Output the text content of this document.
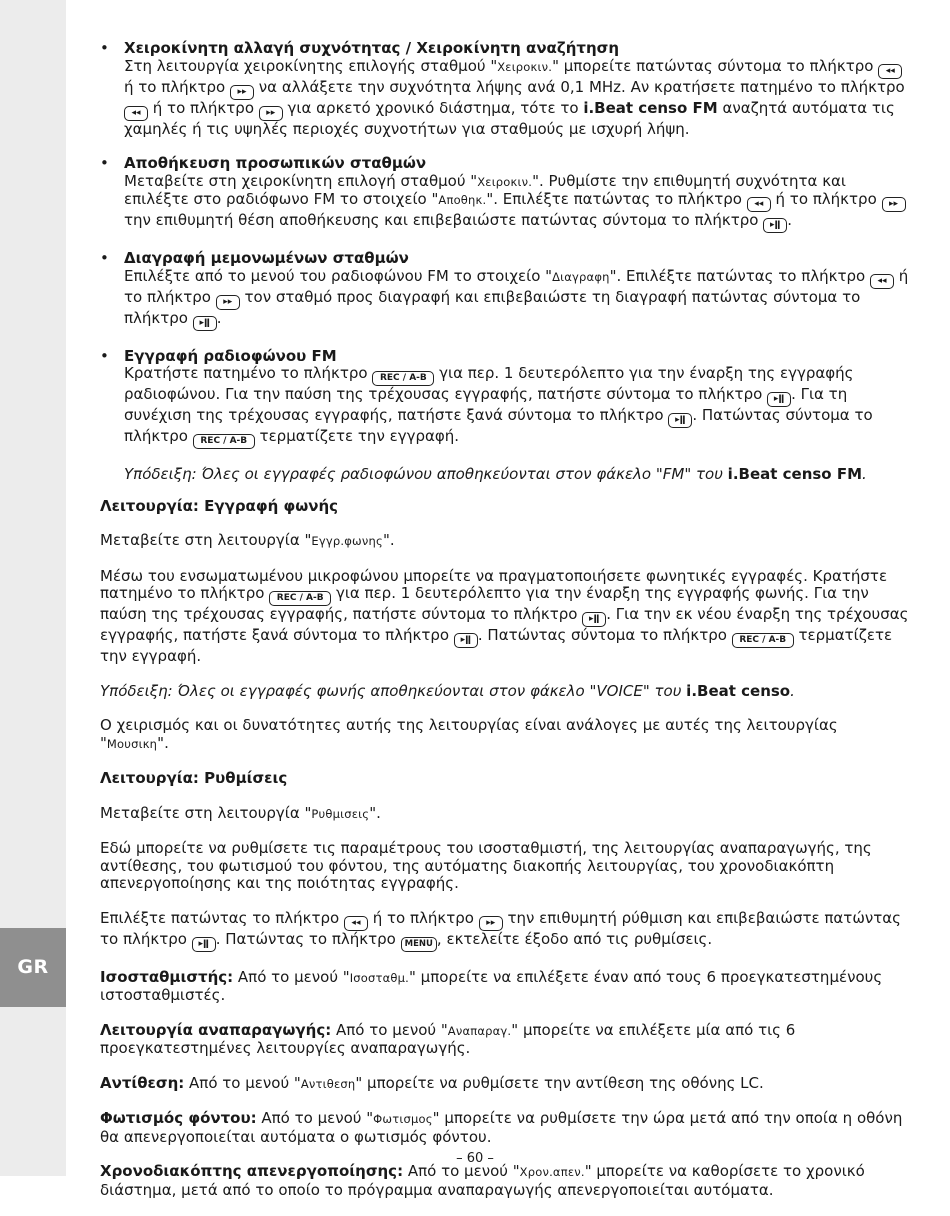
GR
• Χειροκίνητη αλλαγή συχνότητας / Χειροκίνητη αναζήτηση
Στη λειτουργία χειροκίνητης επιλογής σταθμού "Χειροκιν." μπορείτε πατώντας σύντομα το πλήκτρο ◂◂ ή το πλήκτρο ▸▸ να αλλάξετε την συχνότητα λήψης ανά 0,1 MHz. Αν κρατήσετε πατημένο το πλήκτρο ◂◂ ή το πλήκτρο ▸▸ για αρκετό χρονικό διάστημα, τότε το i.Beat censo FM αναζητά αυτόματα τις χαμηλές ή τις υψηλές περιοχές συχνοτήτων για σταθμούς με ισχυρή λήψη.
• Αποθήκευση προσωπικών σταθμών
Μεταβείτε στη χειροκίνητη επιλογή σταθμού "Χειροκιν.". Ρυθμίστε την επιθυμητή συχνότητα και επιλέξτε στο ραδιόφωνο FM το στοιχείο "Αποθηκ.". Επιλέξτε πατώντας το πλήκτρο ◂◂ ή το πλήκτρο ▸▸ την επιθυμητή θέση αποθήκευσης και επιβεβαιώστε πατώντας σύντομα το πλήκτρο ▸ǁ .
• Διαγραφή μεμονωμένων σταθμών
Επιλέξτε από το μενού του ραδιοφώνου FM το στοιχείο "Διαγραφη". Επιλέξτε πατώντας το πλήκτρο ◂◂ ή το πλήκτρο ▸▸ τον σταθμό προς διαγραφή και επιβεβαιώστε τη διαγραφή πατώντας σύντομα το πλήκτρο ▸ǁ .
• Εγγραφή ραδιοφώνου FM
Κρατήστε πατημένο το πλήκτρο REC / A-B για περ. 1 δευτερόλεπτο για την έναρξη της εγγραφής ραδιοφώνου. Για την παύση της τρέχουσας εγγραφής, πατήστε σύντομα το πλήκτρο ▸ǁ . Για τη συνέχιση της τρέχουσας εγγραφής, πατήστε ξανά σύντομα το πλήκτρο ▸ǁ . Πατώντας σύντομα το πλήκτρο REC / A-B τερματίζετε την εγγραφή.
Υπόδειξη: Όλες οι εγγραφές ραδιοφώνου αποθηκεύονται στον φάκελο "FM" του i.Beat censo FM.
Λειτουργία: Εγγραφή φωνής
Μεταβείτε στη λειτουργία "Εγγρ.φωνης".
Μέσω του ενσωματωμένου μικροφώνου μπορείτε να πραγματοποιήσετε φωνητικές εγγραφές. Κρατήστε πατημένο το πλήκτρο REC / A-B για περ. 1 δευτερόλεπτο για την έναρξη της εγγραφής φωνής. Για την παύση της τρέχουσας εγγραφής, πατήστε σύντομα το πλήκτρο ▸ǁ . Για την εκ νέου έναρξη της τρέχουσας εγγραφής, πατήστε ξανά σύντομα το πλήκτρο ▸ǁ . Πατώντας σύντομα το πλήκτρο REC / A-B τερματίζετε την εγγραφή.
Υπόδειξη: Όλες οι εγγραφές φωνής αποθηκεύονται στον φάκελο "VOICE" του i.Beat censo.
Ο χειρισμός και οι δυνατότητες αυτής της λειτουργίας είναι ανάλογες με αυτές της λειτουργίας "Μουσικη".
Λειτουργία: Ρυθμίσεις
Μεταβείτε στη λειτουργία "Ρυθμισεις".
Εδώ μπορείτε να ρυθμίσετε τις παραμέτρους του ισοσταθμιστή, της λειτουργίας αναπαραγωγής, της αντίθεσης, του φωτισμού του φόντου, της αυτόματης διακοπής λειτουργίας, του χρονοδιακόπτη απενεργοποίησης και της ποιότητας εγγραφής.
Επιλέξτε πατώντας το πλήκτρο ◂◂ ή το πλήκτρο ▸▸ την επιθυμητή ρύθμιση και επιβεβαιώστε πατώντας το πλήκτρο ▸ǁ . Πατώντας το πλήκτρο MENU , εκτελείτε έξοδο από τις ρυθμίσεις.
Ισοσταθμιστής: Από το μενού "Ισοσταθμ." μπορείτε να επιλέξετε έναν από τους 6 προεγκατεστημένους ιστοσταθμιστές.
Λειτουργία αναπαραγωγής: Από το μενού "Αναπαραγ." μπορείτε να επιλέξετε μία από τις 6 προεγκατεστημένες λειτουργίες αναπαραγωγής.
Αντίθεση: Από το μενού "Αντιθεση" μπορείτε να ρυθμίσετε την αντίθεση της οθόνης LC.
Φωτισμός φόντου: Από το μενού "Φωτισμος" μπορείτε να ρυθμίσετε την ώρα μετά από την οποία η οθόνη θα απενεργοποιείται αυτόματα ο φωτισμός φόντου.
Χρονοδιακόπτης απενεργοποίησης: Από το μενού "Χρον.απεν." μπορείτε να καθορίσετε το χρονικό διάστημα, μετά από το οποίο το πρόγραμμα αναπαραγωγής απενεργοποιείται αυτόματα.
– 60 –
